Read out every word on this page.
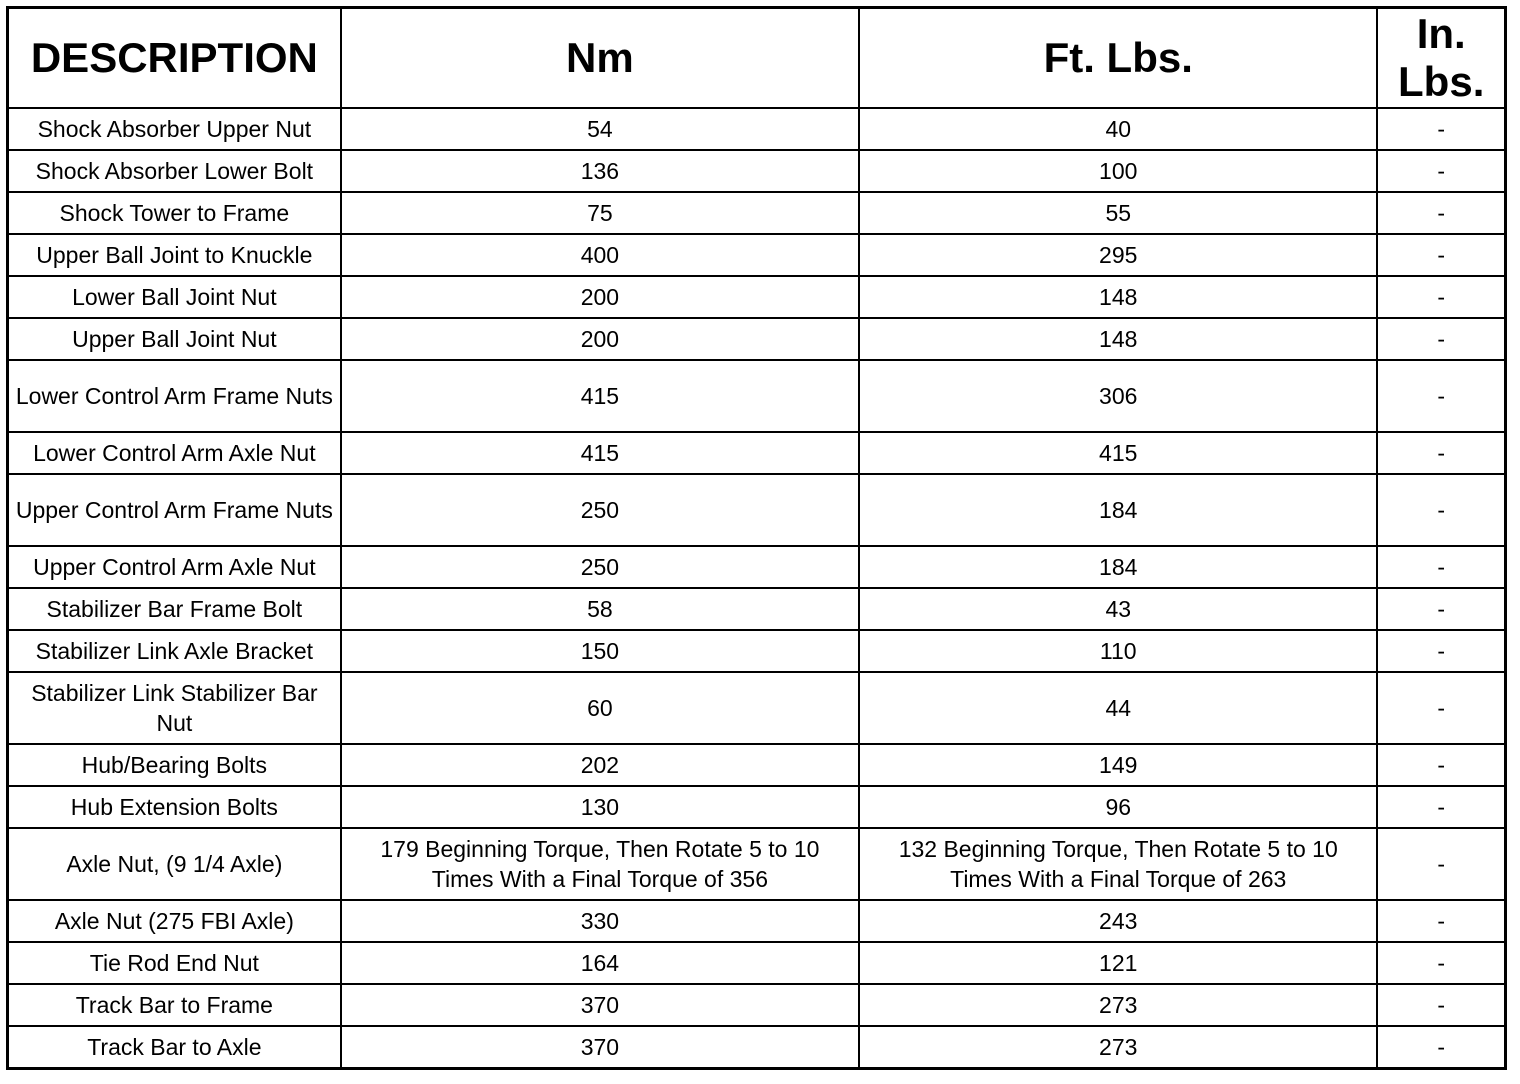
DESCRIPTION	Nm	Ft. Lbs.	In. Lbs.
Shock Absorber Upper Nut	54	40	-
Shock Absorber Lower Bolt	136	100	-
Shock Tower to Frame	75	55	-
Upper Ball Joint to Knuckle	400	295	-
Lower Ball Joint Nut	200	148	-
Upper Ball Joint Nut	200	148	-
Lower Control Arm Frame Nuts	415	306	-
Lower Control Arm Axle Nut	415	415	-
Upper Control Arm Frame Nuts	250	184	-
Upper Control Arm Axle Nut	250	184	-
Stabilizer Bar Frame Bolt	58	43	-
Stabilizer Link Axle Bracket	150	110	-
Stabilizer Link Stabilizer Bar Nut	60	44	-
Hub/Bearing Bolts	202	149	-
Hub Extension Bolts	130	96	-
Axle Nut, (9 1/4 Axle)	179 Beginning Torque, Then Rotate 5 to 10 Times With a Final Torque of 356	132 Beginning Torque, Then Rotate 5 to 10 Times With a Final Torque of 263	-
Axle Nut (275 FBI Axle)	330	243	-
Tie Rod End Nut	164	121	-
Track Bar to Frame	370	273	-
Track Bar to Axle	370	273	-
